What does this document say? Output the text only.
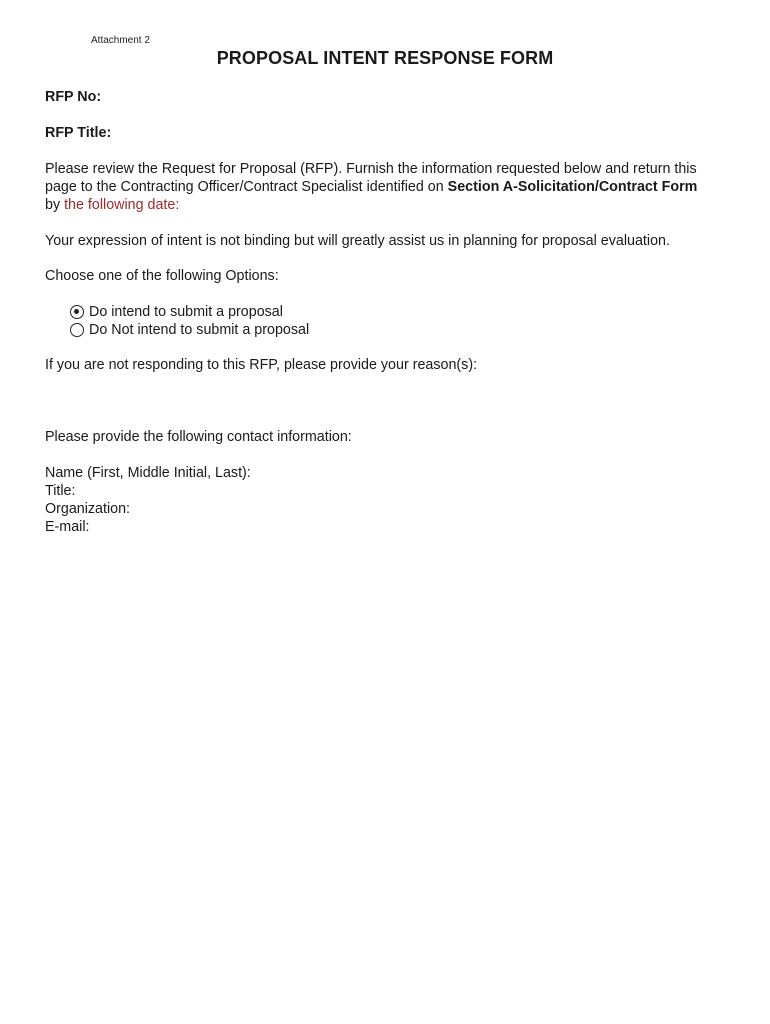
Attachment 2
PROPOSAL INTENT RESPONSE FORM
RFP No:
RFP Title:
Please review the Request for Proposal (RFP). Furnish the information requested below and return this
page to the Contracting Officer/Contract Specialist identified on Section A-Solicitation/Contract Form
by the following date:
Your expression of intent is not binding but will greatly assist us in planning for proposal evaluation.
Choose one of the following Options:
Do intend to submit a proposal
Do Not intend to submit a proposal
If you are not responding to this RFP, please provide your reason(s):
Please provide the following contact information:
Name (First, Middle Initial, Last):
Title:
Organization:
E-mail:
